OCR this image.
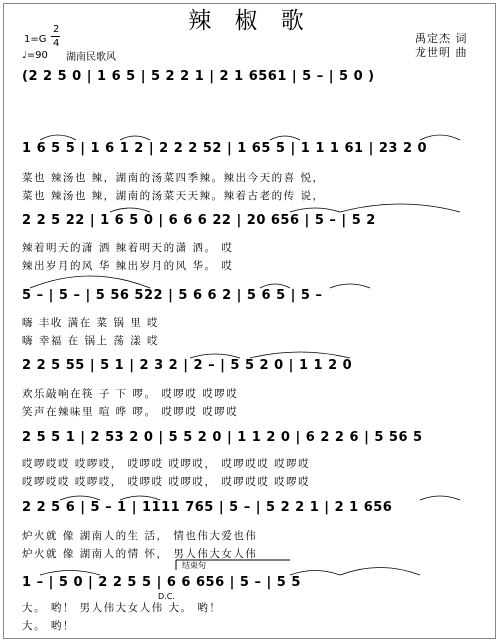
辣 椒 歌
1=G
2
4
♩=90 湖南民歌风
禹定杰 词
龙世明 曲
(2 2 5 0 | 1 6 5 | 5 2 2 1 | 2 1 6561 | 5 – | 5 0 )
1 6 5 5 | 1 6 1 2 | 2 2 2 52 | 1 65 5 | 1 1 1 61 | 23 2 0
菜也 辣汤也 辣，湖南的汤菜四季辣。辣出今天的喜 悦，
菜也 辣汤也 辣，湖南的汤菜天天辣。辣着古老的传 说，
2 2 5 22 | 1 6 5 0 | 6 6 6 22 | 20 656 | 5 – | 5 2
辣着明天的潇 洒 辣着明天的潇 洒。 哎
辣出岁月的风 华 辣出岁月的风 华。 哎
5 – | 5 – | 5 56 522 | 5 6 6 2 | 5 6 5 | 5 –
嗨 丰收 满在 菜 锅 里 哎
嗨 幸福 在 锅上 荡 漾 哎
2 2 5 55 | 5 1 | 2 3 2 | 2 – | 5 5 2 0 | 1 1 2 0
欢乐敲响在筷 子 下 啰。 哎啰哎 哎啰哎
笑声在辣味里 喧 哗 啰。 哎啰哎 哎啰哎
2 5 5 1 | 2 53 2 0 | 5 5 2 0 | 1 1 2 0 | 6 2 2 6 | 5 56 5
哎啰哎哎 哎啰哎， 哎啰哎 哎啰哎， 哎啰哎哎 哎啰哎
哎啰哎哎 哎啰哎， 哎啰哎 哎啰哎， 哎啰哎哎 哎啰哎
2 2 5 6 | 5 – 1 | 1111 765 | 5 – | 5 2 2 1 | 2 1 656
炉火就 像 湖南人的生 活， 情也伟大爱也伟
炉火就 像 湖南人的情 怀， 男人伟大女人伟
结束句
1 – | 5 0 | 2 2 5 5 | 6 6 656 | 5 – | 5 5
D.C.
大。 哟！ 男人伟大女人伟 大。 哟！
大。 哟！
